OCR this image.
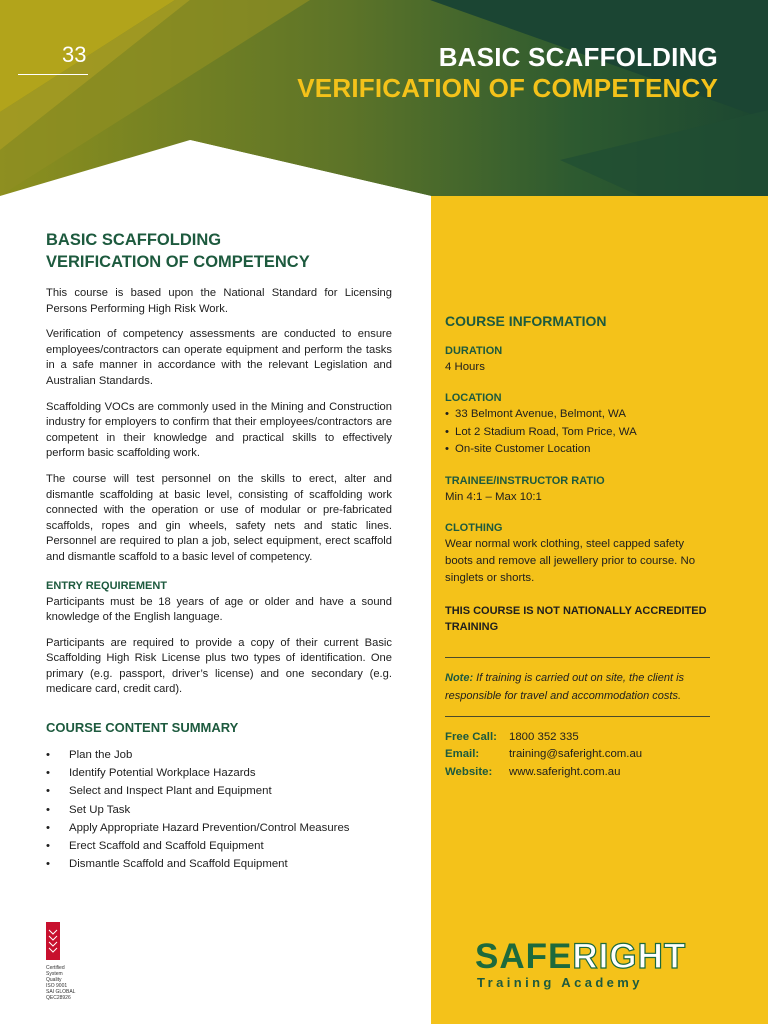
33	BASIC SCAFFOLDING
VERIFICATION OF COMPETENCY
COURSE INFORMATION
DURATION
4 Hours
LOCATION
• 33 Belmont Avenue, Belmont, WA
• Lot 2 Stadium Road, Tom Price, WA
• On-site Customer Location
TRAINEE/INSTRUCTOR RATIO
Min 4:1 – Max 10:1
CLOTHING
Wear normal work clothing, steel capped safety boots and remove all jewellery prior to course. No singlets or shorts.

THIS COURSE IS NOT NATIONALLY ACCREDITED TRAINING

Note: If training is carried out on site, the client is responsible for travel and accommodation costs.
Free Call:	1800 352 335
Email:	training@saferight.com.au
Website:	www.saferight.com.au
BASIC SCAFFOLDING
VERIFICATION OF COMPETENCY

This course is based upon the National Standard for Licensing Persons Performing High Risk Work.

Verification of competency assessments are conducted to ensure employees/contractors can operate equipment and perform the tasks in a safe manner in accordance with the relevant Legislation and Australian Standards.

Scaffolding VOCs are commonly used in the Mining and Construction industry for employers to confirm that their employees/contractors are competent in their knowledge and practical skills to effectively perform basic scaffolding work.

The course will test personnel on the skills to erect, alter and dismantle scaffolding at basic level, consisting of scaffolding work connected with the operation or use of modular or pre-fabricated scaffolds, ropes and gin wheels, safety nets and static lines. Personnel are required to plan a job, select equipment, erect scaffold and dismantle scaffold to a basic level of competency.

ENTRY REQUIREMENT

Participants must be 18 years of age or older and have a sound knowledge of the English language.

Participants are required to provide a copy of their current Basic Scaffolding High Risk License plus two types of identification. One primary (e.g. passport, driver’s license) and one secondary (e.g. medicare card, credit card).

COURSE CONTENT SUMMARY
• Plan the Job
• Identify Potential Workplace Hazards
• Select and Inspect Plant and Equipment
• Set Up Task
• Apply Appropriate Hazard Prevention/Control Measures
• Erect Scaffold and Scaffold Equipment
• Dismantle Scaffold and Scaffold Equipment
Certified System
Quality
ISO 9001
SAI GLOBAL
QEC28926
SAFERIGHT
Training Academy
